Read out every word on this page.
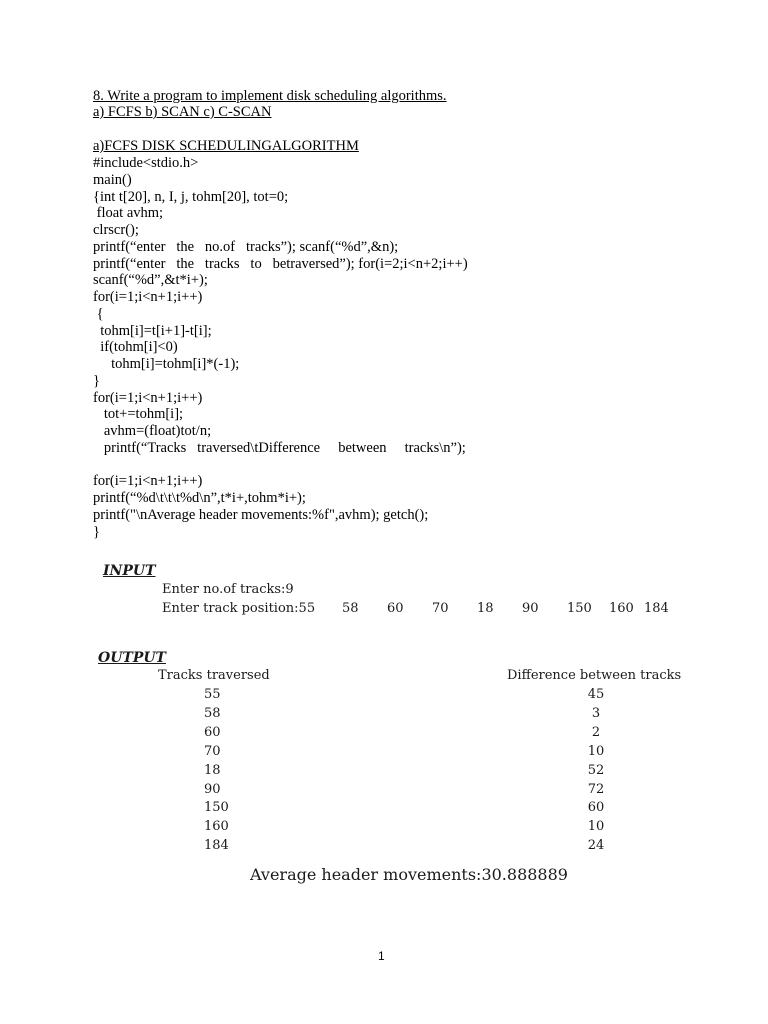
8. Write a program to implement disk scheduling algorithms.
a) FCFS b) SCAN c) C-SCAN
a)FCFS DISK SCHEDULINGALGORITHM
#include<stdio.h>
main()
{int t[20], n, I, j, tohm[20], tot=0;
float avhm;
clrscr();
printf(“enter   the   no.of   tracks”); scanf(“%d”,&n);
printf(“enter   the   tracks   to   betraversed”); for(i=2;i<n+2;i++)
scanf(“%d”,&t*i+);
for(i=1;i<n+1;i++)
{
tohm[i]=t[i+1]-t[i];
if(tohm[i]<0)
tohm[i]=tohm[i]*(-1);
}
for(i=1;i<n+1;i++)
tot+=tohm[i];
avhm=(float)tot/n;
printf(“Tracks   traversed\tDifference     between     tracks\n”);
for(i=1;i<n+1;i++)
printf(“%d\t\t\t%d\n”,t*i+,tohm*i+);
printf("\nAverage header movements:%f",avhm); getch();
}
INPUT
Enter no.of tracks:9
Enter track position:55 58 60 70 18 90 150 160 184
OUTPUT
Tracks traversed	Difference between tracks
55	45
58	3
60	2
70	10
18	52
90	72
150	60
160	10
184	24
Average header movements:30.888889
1
